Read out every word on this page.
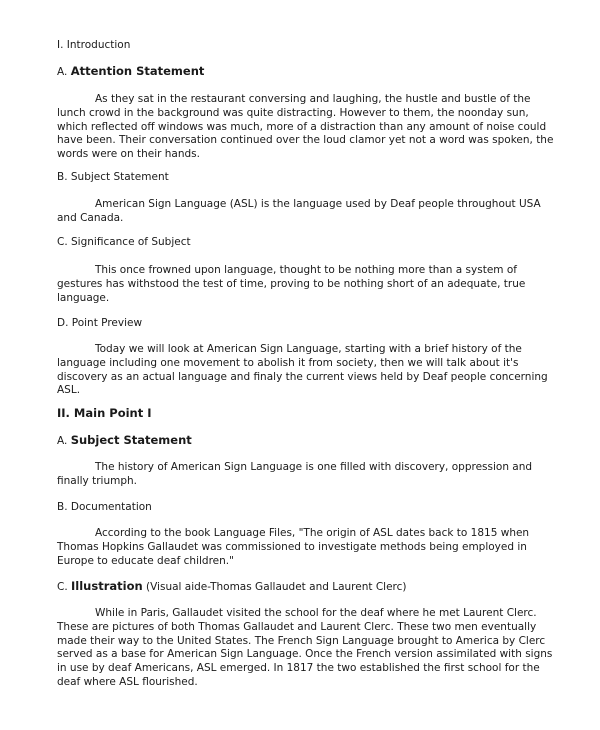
I. Introduction

A. Attention Statement

As they sat in the restaurant conversing and laughing, the hustle and bustle of the lunch crowd in the background was quite distracting. However to them, the noonday sun, which reflected off windows was much, more of a distraction than any amount of noise could have been. Their conversation continued over the loud clamor yet not a word was spoken, the words were on their hands.

B. Subject Statement

American Sign Language (ASL) is the language used by Deaf people throughout USA and Canada.

C. Significance of Subject

This once frowned upon language, thought to be nothing more than a system of gestures has withstood the test of time, proving to be nothing short of an adequate, true language.

D. Point Preview

Today we will look at American Sign Language, starting with a brief history of the language including one movement to abolish it from society, then we will talk about it's discovery as an actual language and finaly the current views held by Deaf people concerning ASL.

II. Main Point I

A. Subject Statement

The history of American Sign Language is one filled with discovery, oppression and finally triumph.

B. Documentation

According to the book Language Files, "The origin of ASL dates back to 1815 when Thomas Hopkins Gallaudet was commissioned to investigate methods being employed in Europe to educate deaf children."

C. Illustration (Visual aide-Thomas Gallaudet and Laurent Clerc)

While in Paris, Gallaudet visited the school for the deaf where he met Laurent Clerc. These are pictures of both Thomas Gallaudet and Laurent Clerc. These two men eventually made their way to the United States. The French Sign Language brought to America by Clerc served as a base for American Sign Language. Once the French version assimilated with signs in use by deaf Americans, ASL emerged. In 1817 the two established the first school for the deaf where ASL flourished.
